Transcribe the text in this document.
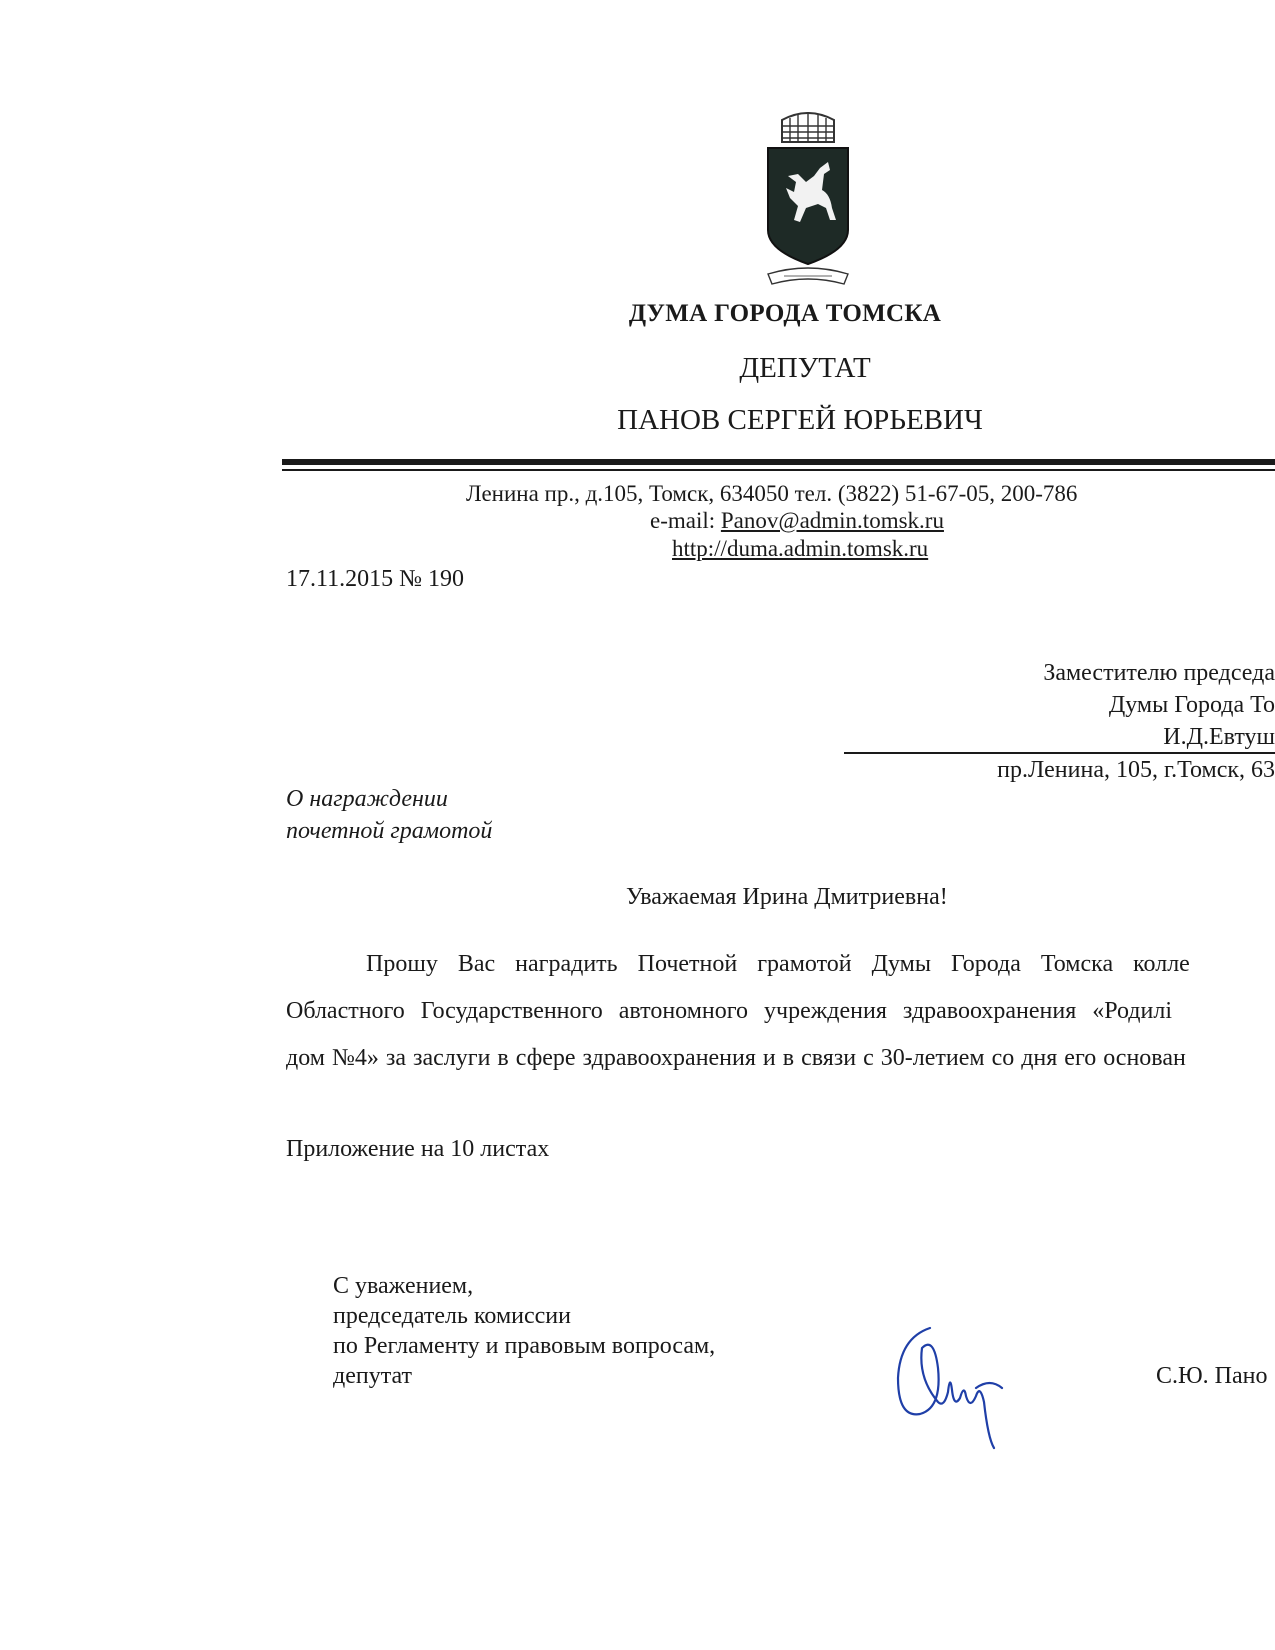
ДУМА ГОРОДА ТОМСКА
ДЕПУТАТ
ПАНОВ СЕРГЕЙ ЮРЬЕВИЧ
Ленина пр., д.105, Томск, 634050 тел. (3822) 51-67-05, 200-786
e-mail: Panov@admin.tomsk.ru
http://duma.admin.tomsk.ru
17.11.2015 № 190
Заместителю председа
Думы Города То
И.Д.Евтуш
пр.Ленина, 105, г.Томск, 63
О награждении
почетной грамотой
Уважаемая Ирина Дмитриевна!
Прошу Вас наградить Почетной грамотой Думы Города Томска колле
Областного Государственного автономного учреждения здравоохранения «Родилі
дом №4» за заслуги в сфере здравоохранения и в связи с 30-летием со дня его основан
Приложение на 10 листах
С уважением,
председатель комиссии
по Регламенту и правовым вопросам,
депутат	С.Ю. Пано
